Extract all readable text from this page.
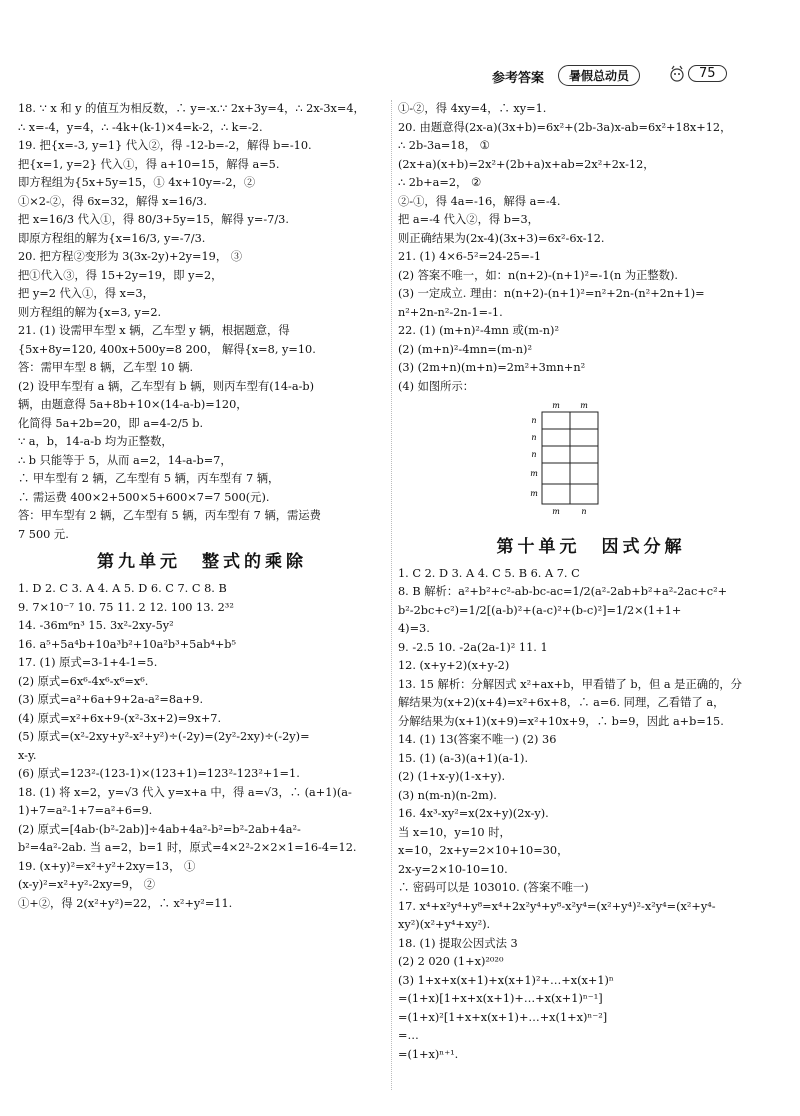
参考答案	暑假总动员	75
18. ∵ x 和 y 的值互为相反数，∴ y=-x.∵ 2x+3y=4，∴ 2x-3x=4，
∴ x=-4，y=4，∴ -4k+(k-1)×4=k-2，∴ k=-2.
19. 把{x=-3, y=1} 代入②，得 -12-b=-2，解得 b=-10.
把{x=1, y=2} 代入①，得 a+10=15，解得 a=5.
即方程组为{5x+5y=15，① 4x+10y=-2，②
①×2-②，得 6x=32，解得 x=16/3.
把 x=16/3 代入①，得 80/3+5y=15，解得 y=-7/3.
即原方程组的解为{x=16/3, y=-7/3.
20. 把方程②变形为 3(3x-2y)+2y=19， ③
把①代入③，得 15+2y=19，即 y=2，
把 y=2 代入①，得 x=3，
则方程组的解为{x=3, y=2.
21. (1) 设需甲车型 x 辆，乙车型 y 辆，根据题意，得
{5x+8y=120, 400x+500y=8 200， 解得{x=8, y=10.
答：需甲车型 8 辆，乙车型 10 辆.
(2) 设甲车型有 a 辆，乙车型有 b 辆，则丙车型有(14-a-b)
辆，由题意得 5a+8b+10×(14-a-b)=120，
化简得 5a+2b=20，即 a=4-2/5 b.
∵ a，b，14-a-b 均为正整数，
∴ b 只能等于 5，从而 a=2，14-a-b=7，
∴ 甲车型有 2 辆，乙车型有 5 辆，丙车型有 7 辆，
∴ 需运费 400×2+500×5+600×7=7 500(元).
答：甲车型有 2 辆，乙车型有 5 辆，丙车型有 7 辆，需运费
7 500 元.
第九单元　整式的乘除
1. D 2. C 3. A 4. A 5. D 6. C 7. C 8. B
9. 7×10⁻⁷ 10. 75 11. 2 12. 100 13. 2³²
14. -36m⁶n³ 15. 3x²-2xy-5y²
16. a⁵+5a⁴b+10a³b²+10a²b³+5ab⁴+b⁵
17. (1) 原式=3-1+4-1=5.
(2) 原式=6x⁶-4x⁶-x⁶=x⁶.
(3) 原式=a²+6a+9+2a-a²=8a+9.
(4) 原式=x²+6x+9-(x²-3x+2)=9x+7.
(5) 原式=(x²-2xy+y²-x²+y²)÷(-2y)=(2y²-2xy)÷(-2y)=
x-y.
(6) 原式=123²-(123-1)×(123+1)=123²-123²+1=1.
18. (1) 将 x=2，y=√3 代入 y=x+a 中，得 a=√3，∴ (a+1)(a-
1)+7=a²-1+7=a²+6=9.
(2) 原式=[4ab·(b²-2ab)]÷4ab+4a²-b²=b²-2ab+4a²-
b²=4a²-2ab. 当 a=2，b=1 时，原式=4×2²-2×2×1=16-4=12.
19. (x+y)²=x²+y²+2xy=13， ①
(x-y)²=x²+y²-2xy=9， ②
①+②，得 2(x²+y²)=22，∴ x²+y²=11.
①-②，得 4xy=4，∴ xy=1.
20. 由题意得(2x-a)(3x+b)=6x²+(2b-3a)x-ab=6x²+18x+12，
∴ 2b-3a=18， ①
(2x+a)(x+b)=2x²+(2b+a)x+ab=2x²+2x-12，
∴ 2b+a=2， ②
②-①，得 4a=-16，解得 a=-4.
把 a=-4 代入②，得 b=3，
则正确结果为(2x-4)(3x+3)=6x²-6x-12.
21. (1) 4×6-5²=24-25=-1
(2) 答案不唯一，如：n(n+2)-(n+1)²=-1(n 为正整数).
(3) 一定成立. 理由：n(n+2)-(n+1)²=n²+2n-(n²+2n+1)=
n²+2n-n²-2n-1=-1.
22. (1) (m+n)²-4mn 或(m-n)²
(2) (m+n)²-4mn=(m-n)²
(3) (2m+n)(m+n)=2m²+3mn+n²
(4) 如图所示：
m	m
n
n
n
m
m
m	n
第十单元　因式分解
1. C 2. D 3. A 4. C 5. B 6. A 7. C
8. B 解析：a²+b²+c²-ab-bc-ac=1/2(a²-2ab+b²+a²-2ac+c²+
b²-2bc+c²)=1/2[(a-b)²+(a-c)²+(b-c)²]=1/2×(1+1+
4)=3.
9. -2.5 10. -2a(2a-1)² 11. 1
12. (x+y+2)(x+y-2)
13. 15 解析：分解因式 x²+ax+b，甲看错了 b，但 a 是正确的，分
解结果为(x+2)(x+4)=x²+6x+8，∴ a=6. 同理，乙看错了 a，
分解结果为(x+1)(x+9)=x²+10x+9，∴ b=9，因此 a+b=15.
14. (1) 13(答案不唯一) (2) 36
15. (1) (a-3)(a+1)(a-1).
(2) (1+x-y)(1-x+y).
(3) n(m-n)(n-2m).
16. 4x³-xy²=x(2x+y)(2x-y).
当 x=10，y=10 时，
x=10，2x+y=2×10+10=30，
2x-y=2×10-10=10.
∴ 密码可以是 103010. (答案不唯一)
17. x⁴+x²y⁴+y⁸=x⁴+2x²y⁴+y⁸-x²y⁴=(x²+y⁴)²-x²y⁴=(x²+y⁴-
xy²)(x²+y⁴+xy²).
18. (1) 提取公因式法 3
(2) 2 020 (1+x)²⁰²⁰
(3) 1+x+x(x+1)+x(x+1)²+…+x(x+1)ⁿ
=(1+x)[1+x+x(x+1)+…+x(x+1)ⁿ⁻¹]
=(1+x)²[1+x+x(x+1)+…+x(1+x)ⁿ⁻²]
=…
=(1+x)ⁿ⁺¹.
